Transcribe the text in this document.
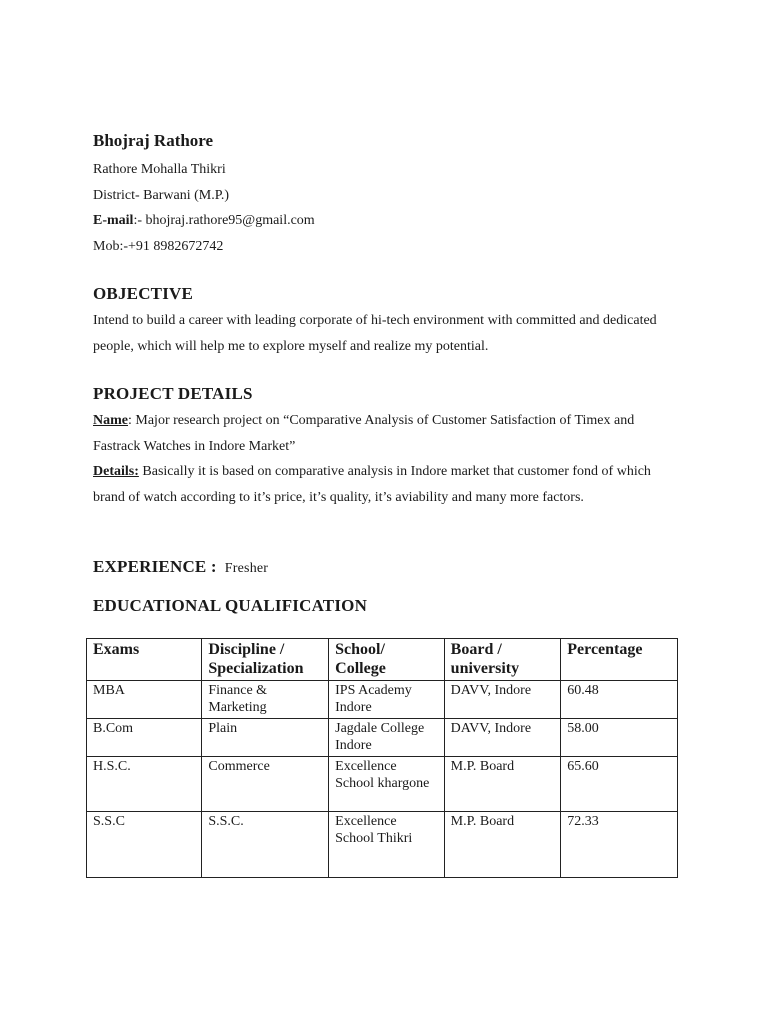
Bhojraj Rathore
Rathore Mohalla Thikri
District- Barwani (M.P.)
E-mail:- bhojraj.rathore95@gmail.com
Mob:-+91 8982672742
OBJECTIVE
Intend to build a career with leading corporate of hi-tech environment with committed and dedicated people, which will help me to explore myself and realize my potential.
PROJECT DETAILS
Name: Major research project on “Comparative Analysis of Customer Satisfaction of Timex and Fastrack Watches in Indore Market”
Details: Basically it is based on comparative analysis in Indore market that customer fond of which brand of watch according to it’s price, it’s quality, it’s aviability and many more factors.
EXPERIENCE : Fresher
EDUCATIONAL QUALIFICATION
Exams	Discipline / Specialization	School/ College	Board / university	Percentage
MBA	Finance & Marketing	IPS Academy Indore	DAVV, Indore	60.48
B.Com	Plain	Jagdale College Indore	DAVV, Indore	58.00
H.S.C.	Commerce	Excellence School khargone	M.P. Board	65.60
S.S.C	S.S.C.	Excellence School Thikri	M.P. Board	72.33
